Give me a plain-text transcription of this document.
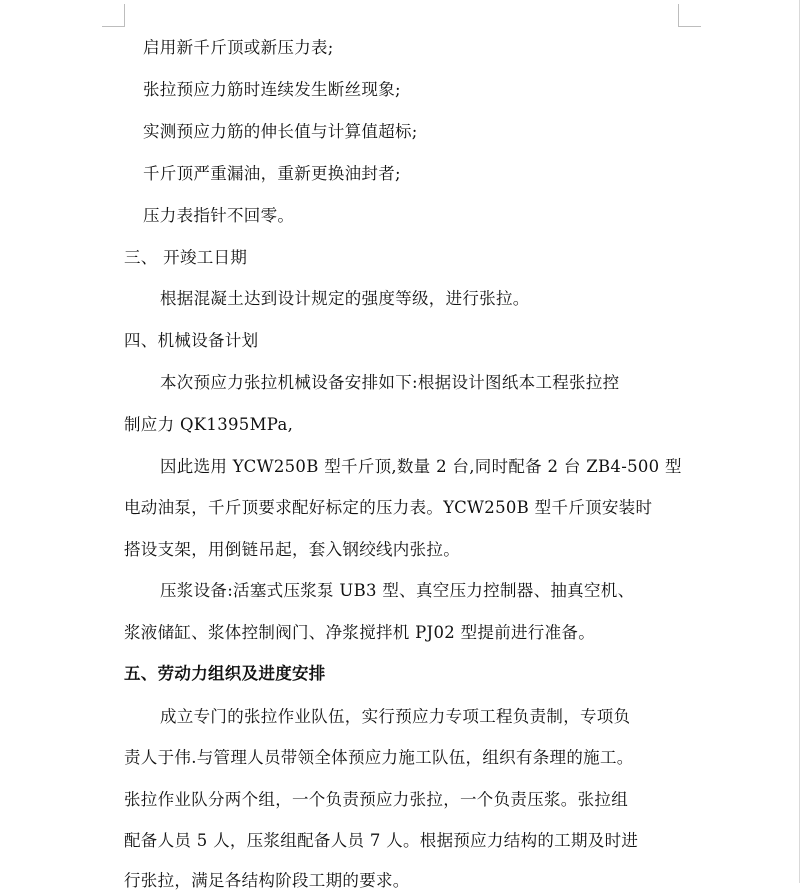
启用新千斤顶或新压力表;
张拉预应力筋时连续发生断丝现象;
实测预应力筋的伸长值与计算值超标;
千斤顶严重漏油，重新更换油封者;
压力表指针不回零。
三、 开竣工日期
根据混凝土达到设计规定的强度等级，进行张拉。
四、机械设备计划
本次预应力张拉机械设备安排如下:根据设计图纸本工程张拉控
制应力 QK1395MPa,
因此选用 YCW250B 型千斤顶,数量 2 台,同时配备 2 台 ZB4-500 型
电动油泵，千斤顶要求配好标定的压力表。YCW250B 型千斤顶安装时
搭设支架，用倒链吊起，套入钢绞线内张拉。
压浆设备:活塞式压浆泵 UB3 型、真空压力控制器、抽真空机、
浆液储缸、浆体控制阀门、净浆搅拌机 PJ02 型提前进行准备。
五、劳动力组织及进度安排
成立专门的张拉作业队伍，实行预应力专项工程负责制，专项负
责人于伟.与管理人员带领全体预应力施工队伍，组织有条理的施工。
张拉作业队分两个组，一个负责预应力张拉，一个负责压浆。张拉组
配备人员 5 人，压浆组配备人员 7 人。根据预应力结构的工期及时进
行张拉，满足各结构阶段工期的要求。
